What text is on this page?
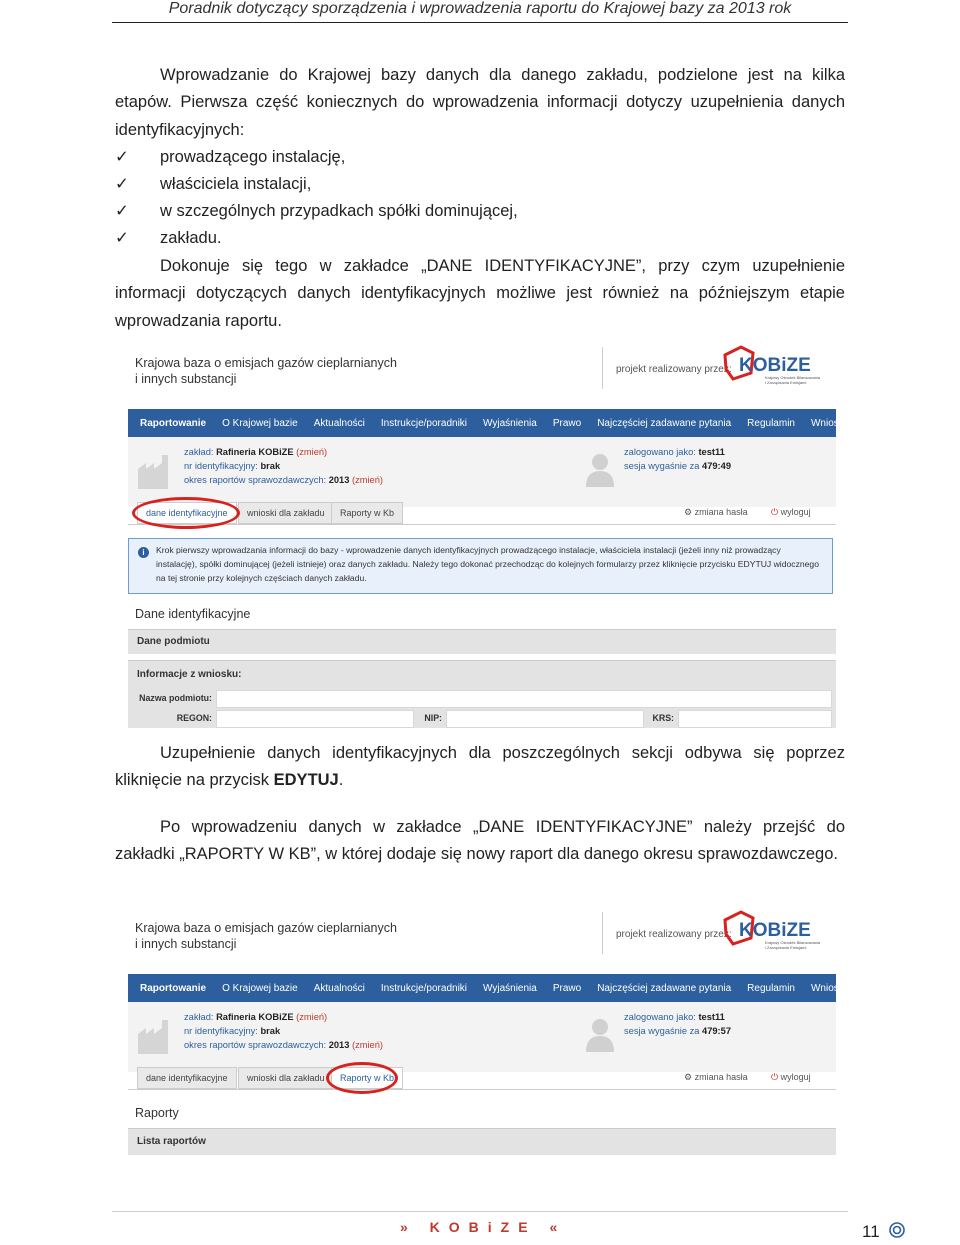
Poradnik dotyczący sporządzenia i wprowadzenia raportu do Krajowej bazy za 2013 rok
Wprowadzanie do Krajowej bazy danych dla danego zakładu, podzielone jest na kilka etapów. Pierwsza część koniecznych do wprowadzenia informacji dotyczy uzupełnienia danych identyfikacyjnych:
✓	prowadzącego instalację,
✓	właściciela instalacji,
✓	w szczególnych przypadkach spółki dominującej,
✓	zakładu.
Dokonuje się tego w zakładce „DANE IDENTYFIKACYJNE”, przy czym uzupełnienie informacji dotyczących danych identyfikacyjnych możliwe jest również na późniejszym etapie wprowadzania raportu.
Krajowa baza o emisjach gazów cieplarnianych
i innych substancji
projekt realizowany przez: KOBiZE
Krajowy Ośrodek Bilansowania
i Zarządzania Emisjami
Raportowanie	O Krajowej bazie	Aktualności	Instrukcje/poradniki	Wyjaśnienia	Prawo	Najczęściej zadawane pytania	Regulamin	Wnioski	Kontakt
zakład: Rafineria KOBiZE (zmień)
nr identyfikacyjny: brak
okres raportów sprawozdawczych: 2013 (zmień)
zalogowano jako: test11
sesja wygaśnie za 479:49
dane identyfikacyjne	wnioski dla zakładu	Raporty w Kb	⚙ zmiana hasła	⏻ wyloguj
i	Krok pierwszy wprowadzania informacji do bazy - wprowadzenie danych identyfikacyjnych prowadzącego instalacje, właściciela instalacji (jeżeli inny niż prowadzący instalację), spółki dominującej (jeżeli istnieje) oraz danych zakładu. Należy tego dokonać przechodząc do kolejnych formularzy przez kliknięcie przycisku EDYTUJ widocznego na tej stronie przy kolejnych częściach danych zakładu.
Dane identyfikacyjne
Dane podmiotu
Informacje z wniosku:
Nazwa podmiotu:
REGON:	NIP:	KRS:
Uzupełnienie danych identyfikacyjnych dla poszczególnych sekcji odbywa się poprzez kliknięcie na przycisk EDYTUJ.
Po wprowadzeniu danych w zakładce „DANE IDENTYFIKACYJNE” należy przejść do zakładki „RAPORTY W KB”, w której dodaje się nowy raport dla danego okresu sprawozdawczego.
Krajowa baza o emisjach gazów cieplarnianych
i innych substancji
projekt realizowany przez: KOBiZE
Krajowy Ośrodek Bilansowania
i Zarządzania Emisjami
Raportowanie	O Krajowej bazie	Aktualności	Instrukcje/poradniki	Wyjaśnienia	Prawo	Najczęściej zadawane pytania	Regulamin	Wnioski	Kontakt
zakład: Rafineria KOBiZE (zmień)
nr identyfikacyjny: brak
okres raportów sprawozdawczych: 2013 (zmień)
zalogowano jako: test11
sesja wygaśnie za 479:57
dane identyfikacyjne	wnioski dla zakładu	Raporty w Kb	⚙ zmiana hasła	⏻ wyloguj
Raporty
Lista raportów
» KOBiZE «	11
